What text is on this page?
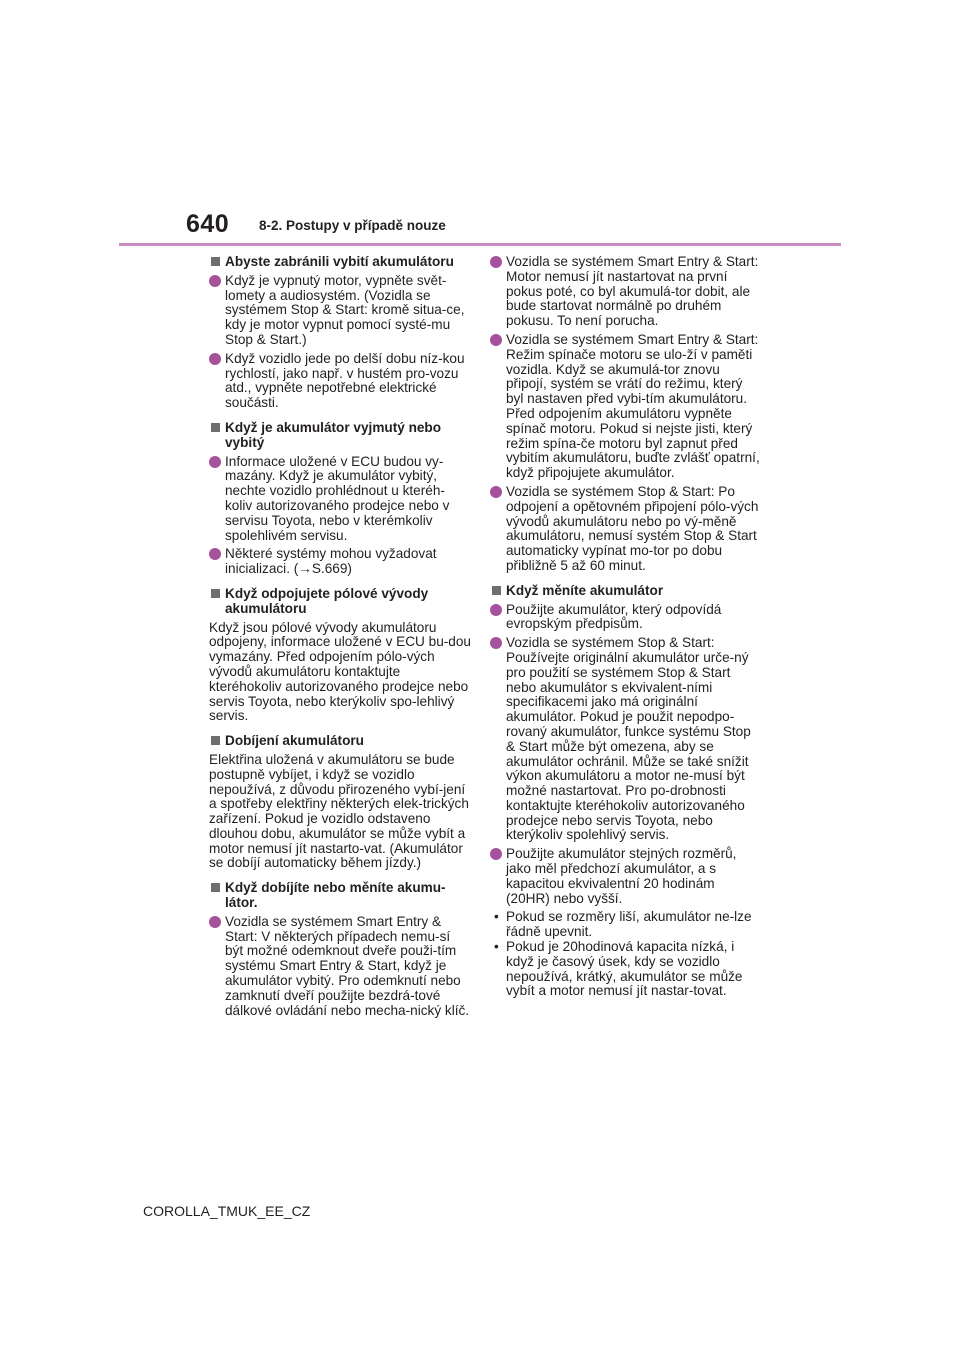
640 8-2. Postupy v případě nouze
Abyste zabránili vybití akumulátoru
Když je vypnutý motor, vypněte svět-lomety a audiosystém. (Vozidla se systémem Stop & Start: kromě situa-ce, kdy je motor vypnut pomocí systé-mu Stop & Start.)
Když vozidlo jede po delší dobu níz-kou rychlostí, jako např. v hustém pro-vozu atd., vypněte nepotřebné elektrické součásti.
Když je akumulátor vyjmutý nebo vybitý
Informace uložené v ECU budou vy-mazány. Když je akumulátor vybitý, nechte vozidlo prohlédnout u kteréh-koliv autorizovaného prodejce nebo v servisu Toyota, nebo v kterémkoliv spolehlivém servisu.
Některé systémy mohou vyžadovat inicializaci. (→S.669)
Když odpojujete pólové vývody akumulátoru
Když jsou pólové vývody akumulátoru odpojeny, informace uložené v ECU bu-dou vymazány. Před odpojením pólo-vých vývodů akumulátoru kontaktujte kteréhokoliv autorizovaného prodejce nebo servis Toyota, nebo kterýkoliv spo-lehlivý servis.
Dobíjení akumulátoru
Elektřina uložená v akumulátoru se bude postupně vybíjet, i když se vozidlo nepoužívá, z důvodu přirozeného vybí-jení a spotřeby elektřiny některých elek-trických zařízení. Pokud je vozidlo odstaveno dlouhou dobu, akumulátor se může vybít a motor nemusí jít nastarto-vat. (Akumulátor se dobíjí automaticky během jízdy.)
Když dobíjíte nebo měníte akumu-látor.
Vozidla se systémem Smart Entry & Start: V některých případech nemu-sí být možné odemknout dveře použi-tím systému Smart Entry & Start, když je akumulátor vybitý. Pro odemknutí nebo zamknutí dveří použijte bezdrá-tové dálkové ovládání nebo mecha-nický klíč.
Vozidla se systémem Smart Entry & Start: Motor nemusí jít nastartovat na první pokus poté, co byl akumulá-tor dobit, ale bude startovat normálně po druhém pokusu. To není porucha.
Vozidla se systémem Smart Entry & Start: Režim spínače motoru se ulo-ží v paměti vozidla. Když se akumulá-tor znovu připojí, systém se vrátí do režimu, který byl nastaven před vybi-tím akumulátoru. Před odpojením akumulátoru vypněte spínač motoru. Pokud si nejste jisti, který režim spína-če motoru byl zapnut před vybitím akumulátoru, buďte zvlášť opatrní, když připojujete akumulátor.
Vozidla se systémem Stop & Start: Po odpojení a opětovném připojení pólo-vých vývodů akumulátoru nebo po vý-měně akumulátoru, nemusí systém Stop & Start automaticky vypínat mo-tor po dobu přibližně 5 až 60 minut.
Když měníte akumulátor
Použijte akumulátor, který odpovídá evropským předpisům.
Vozidla se systémem Stop & Start: Používejte originální akumulátor urče-ný pro použití se systémem Stop & Start nebo akumulátor s ekvivalent-ními specifikacemi jako má originální akumulátor. Pokud je použit nepodpo-rovaný akumulátor, funkce systému Stop & Start může být omezena, aby se akumulátor ochránil. Může se také snížit výkon akumulátoru a motor ne-musí být možné nastartovat. Pro po-drobnosti kontaktujte kteréhokoliv autorizovaného prodejce nebo servis Toyota, nebo kterýkoliv spolehlivý servis.
Použijte akumulátor stejných rozměrů, jako měl předchozí akumulátor, a s kapacitou ekvivalentní 20 hodinám (20HR) nebo vyšší.
• Pokud se rozměry liší, akumulátor ne-lze řádně upevnit.
• Pokud je 20hodinová kapacita nízká, i když je časový úsek, kdy se vozidlo nepoužívá, krátký, akumulátor se může vybít a motor nemusí jít nastar-tovat.
COROLLA_TMUK_EE_CZ
